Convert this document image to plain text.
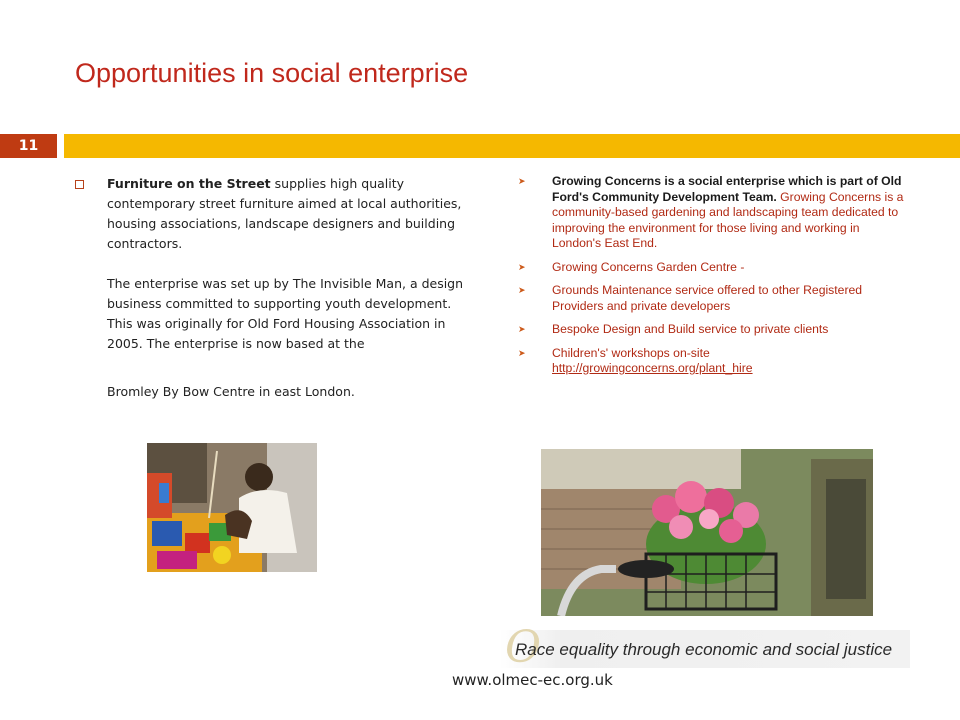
Opportunities in social enterprise
11

Furniture on the Street supplies high quality contemporary street furniture aimed at local authorities, housing associations, landscape designers and building contractors.

The enterprise was set up by The Invisible Man, a design business committed to supporting youth development. This was originally for Old Ford Housing Association in 2005. The enterprise is now based at the

Bromley By Bow Centre in east London.

➤ Growing Concerns is a social enterprise which is part of Old Ford's Community Development Team. Growing Concerns is a community-based gardening and landscaping team dedicated to improving the environment for those living and working in London's East End.
➤ Growing Concerns Garden Centre -
➤ Grounds Maintenance service offered to other Registered Providers and private developers
➤ Bespoke Design and Build service to private clients
➤ Children's' workshops on-site
http://growingconcerns.org/plant_hire
O
Race equality through economic and social justice
www.olmec-ec.org.uk
